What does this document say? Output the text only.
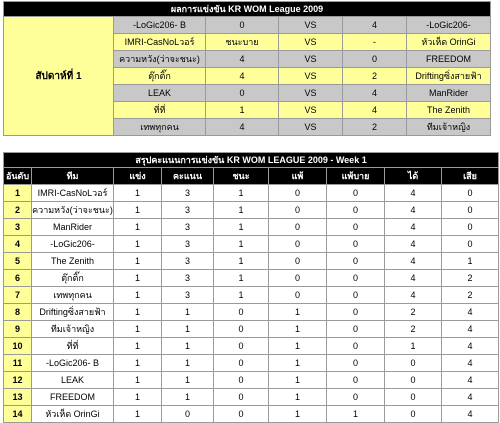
ผลการแข่งขัน KR WOM League 2009					
สัปดาห์ที่ 1	-LoGic206- B	0	VS	4	-LoGic206-
	IMRI-CasNoLวอร์	ชนะบาย	VS	-	หัวเห็ด OrinGi
	ความหวัง(ว่าจะชนะ)	4	VS	0	FREEDOM
	ตุ๊กติ๊ก	4	VS	2	Driftingซิ่งสายฟ้า
	LEAK	0	VS	4	ManRider
	ที่ที่	1	VS	4	The Zenith
	เทพทุกคน	4	VS	2	ทีมเจ้าหญิง
สรุปคะแนนการแข่งขัน KR WOM LEAGUE 2009 - Week 1								
อันดับ	ทีม	แข่ง	คะแนน	ชนะ	แพ้	แพ้บาย	ได้	เสีย
1	IMRI-CasNoLวอร์	1	3	1	0	0	4	0
2	ความหวัง(ว่าจะชนะ)	1	3	1	0	0	4	0
3	ManRider	1	3	1	0	0	4	0
4	-LoGic206-	1	3	1	0	0	4	0
5	The Zenith	1	3	1	0	0	4	1
6	ตุ๊กติ๊ก	1	3	1	0	0	4	2
7	เทพทุกคน	1	3	1	0	0	4	2
8	Driftingซิ่งสายฟ้า	1	1	0	1	0	2	4
9	ทีมเจ้าหญิง	1	1	0	1	0	2	4
10	ที่ที่	1	1	0	1	0	1	4
11	-LoGic206- B	1	1	0	1	0	0	4
12	LEAK	1	1	0	1	0	0	4
13	FREEDOM	1	1	0	1	0	0	4
14	หัวเห็ด OrinGi	1	0	0	1	1	0	4
